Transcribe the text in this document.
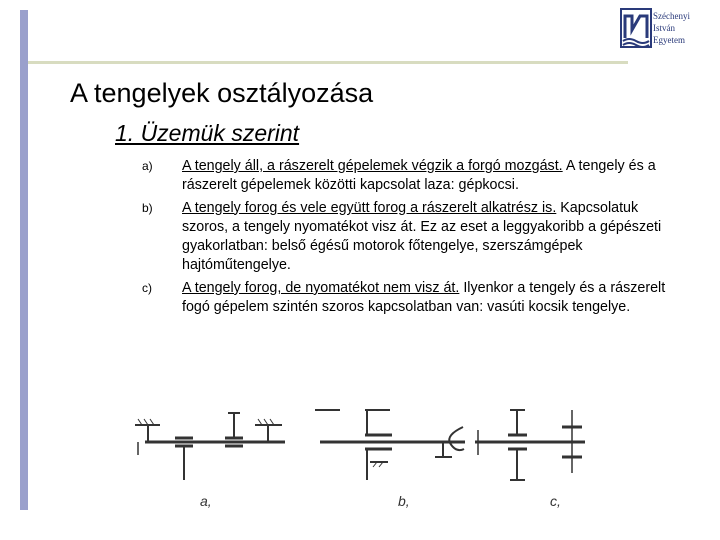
Széchenyi
István
Egyetem
A tengelyek osztályozása
1. Üzemük szerint
a)	A tengely áll, a rászerelt gépelemek végzik a forgó mozgást. A tengely és a rászerelt gépelemek közötti kapcsolat laza: gépkocsi.
b)	A tengely forog és vele együtt forog a rászerelt alkatrész is. Kapcsolatuk szoros, a tengely nyomatékot visz át. Ez az eset a leggyakoribb a gépészeti gyakorlatban: belső égésű motorok főtengelye, szerszámgépek hajtóműtengelye.
c)	A tengely forog, de nyomatékot nem visz át. Ilyenkor a tengely és a rászerelt fogó gépelem szintén szoros kapcsolatban van: vasúti kocsik tengelye.
a,	b,	c,
